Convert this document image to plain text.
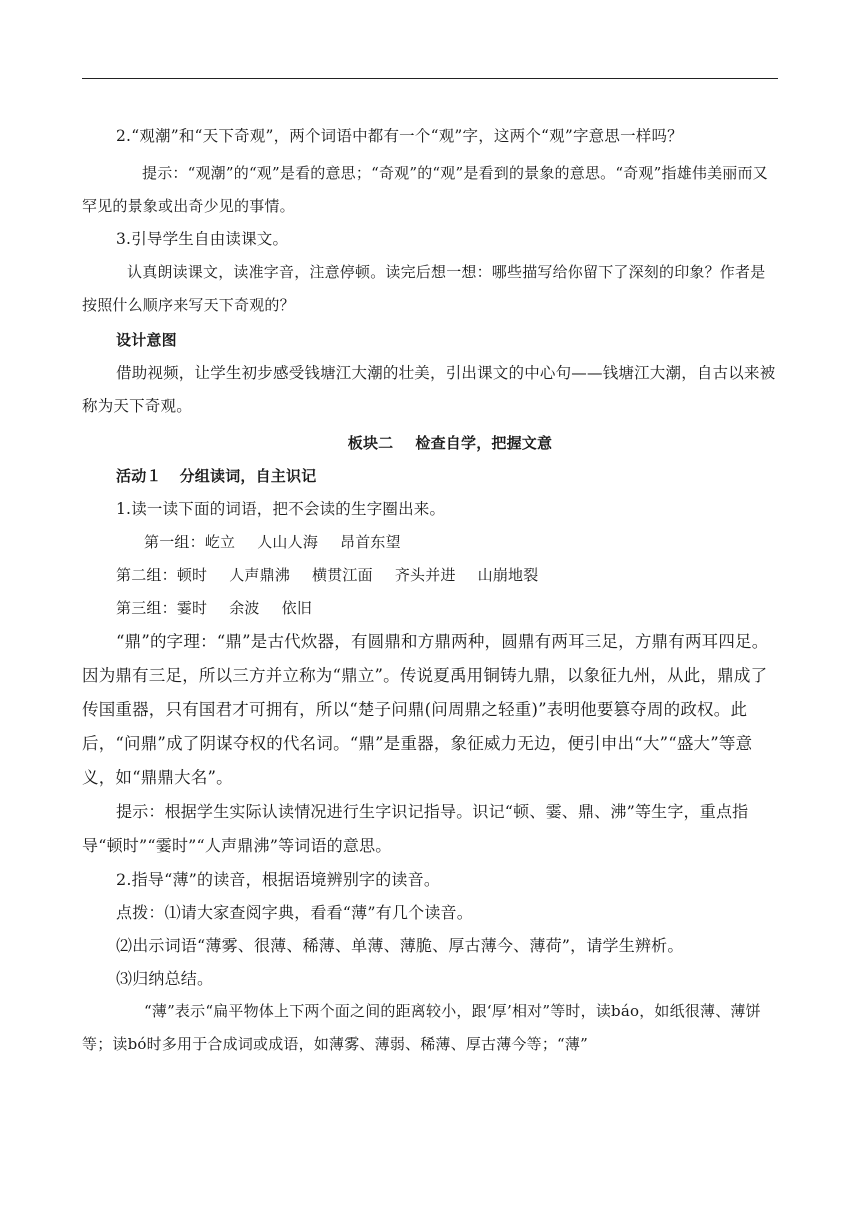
2.“观潮”和“天下奇观”，两个词语中都有一个“观”字，这两个“观”字意思一样吗？

提示：“观潮”的“观”是看的意思；“奇观”的“观”是看到的景象的意思。“奇观”指雄伟美丽而又罕见的景象或出奇少见的事情。

3.引导学生自由读课文。

认真朗读课文，读准字音，注意停顿。读完后想一想：哪些描写给你留下了深刻的印象？作者是按照什么顺序来写天下奇观的？

设计意图

借助视频，让学生初步感受钱塘江大潮的壮美，引出课文的中心句——钱塘江大潮，自古以来被称为天下奇观。

板块二 检查自学，把握文意

活动１ 分组读词，自主识记

1.读一读下面的词语，把不会读的生字圈出来。

第一组：屹立 人山人海 昂首东望

第二组：顿时 人声鼎沸 横贯江面 齐头并进 山崩地裂

第三组：霎时 余波 依旧

“鼎”的字理：“鼎”是古代炊器，有圆鼎和方鼎两种，圆鼎有两耳三足，方鼎有两耳四足。因为鼎有三足，所以三方并立称为“鼎立”。传说夏禹用铜铸九鼎，以象征九州，从此，鼎成了传国重器，只有国君才可拥有，所以“楚子问鼎(问周鼎之轻重)”表明他要篡夺周的政权。此后，“问鼎”成了阴谋夺权的代名词。“鼎”是重器，象征威力无边，便引申出“大”“盛大”等意义，如“鼎鼎大名”。

提示：根据学生实际认读情况进行生字识记指导。识记“顿、霎、鼎、沸”等生字，重点指导“顿时”“霎时”“人声鼎沸”等词语的意思。

2.指导“薄”的读音，根据语境辨别字的读音。

点拨：⑴请大家查阅字典，看看“薄”有几个读音。

⑵出示词语“薄雾、很薄、稀薄、单薄、薄脆、厚古薄今、薄荷”，请学生辨析。

⑶归纳总结。

“薄”表示“扁平物体上下两个面之间的距离较小，跟‘厚’相对”等时，读báo，如纸很薄、薄饼等；读bó时多用于合成词或成语，如薄雾、薄弱、稀薄、厚古薄今等；“薄”
